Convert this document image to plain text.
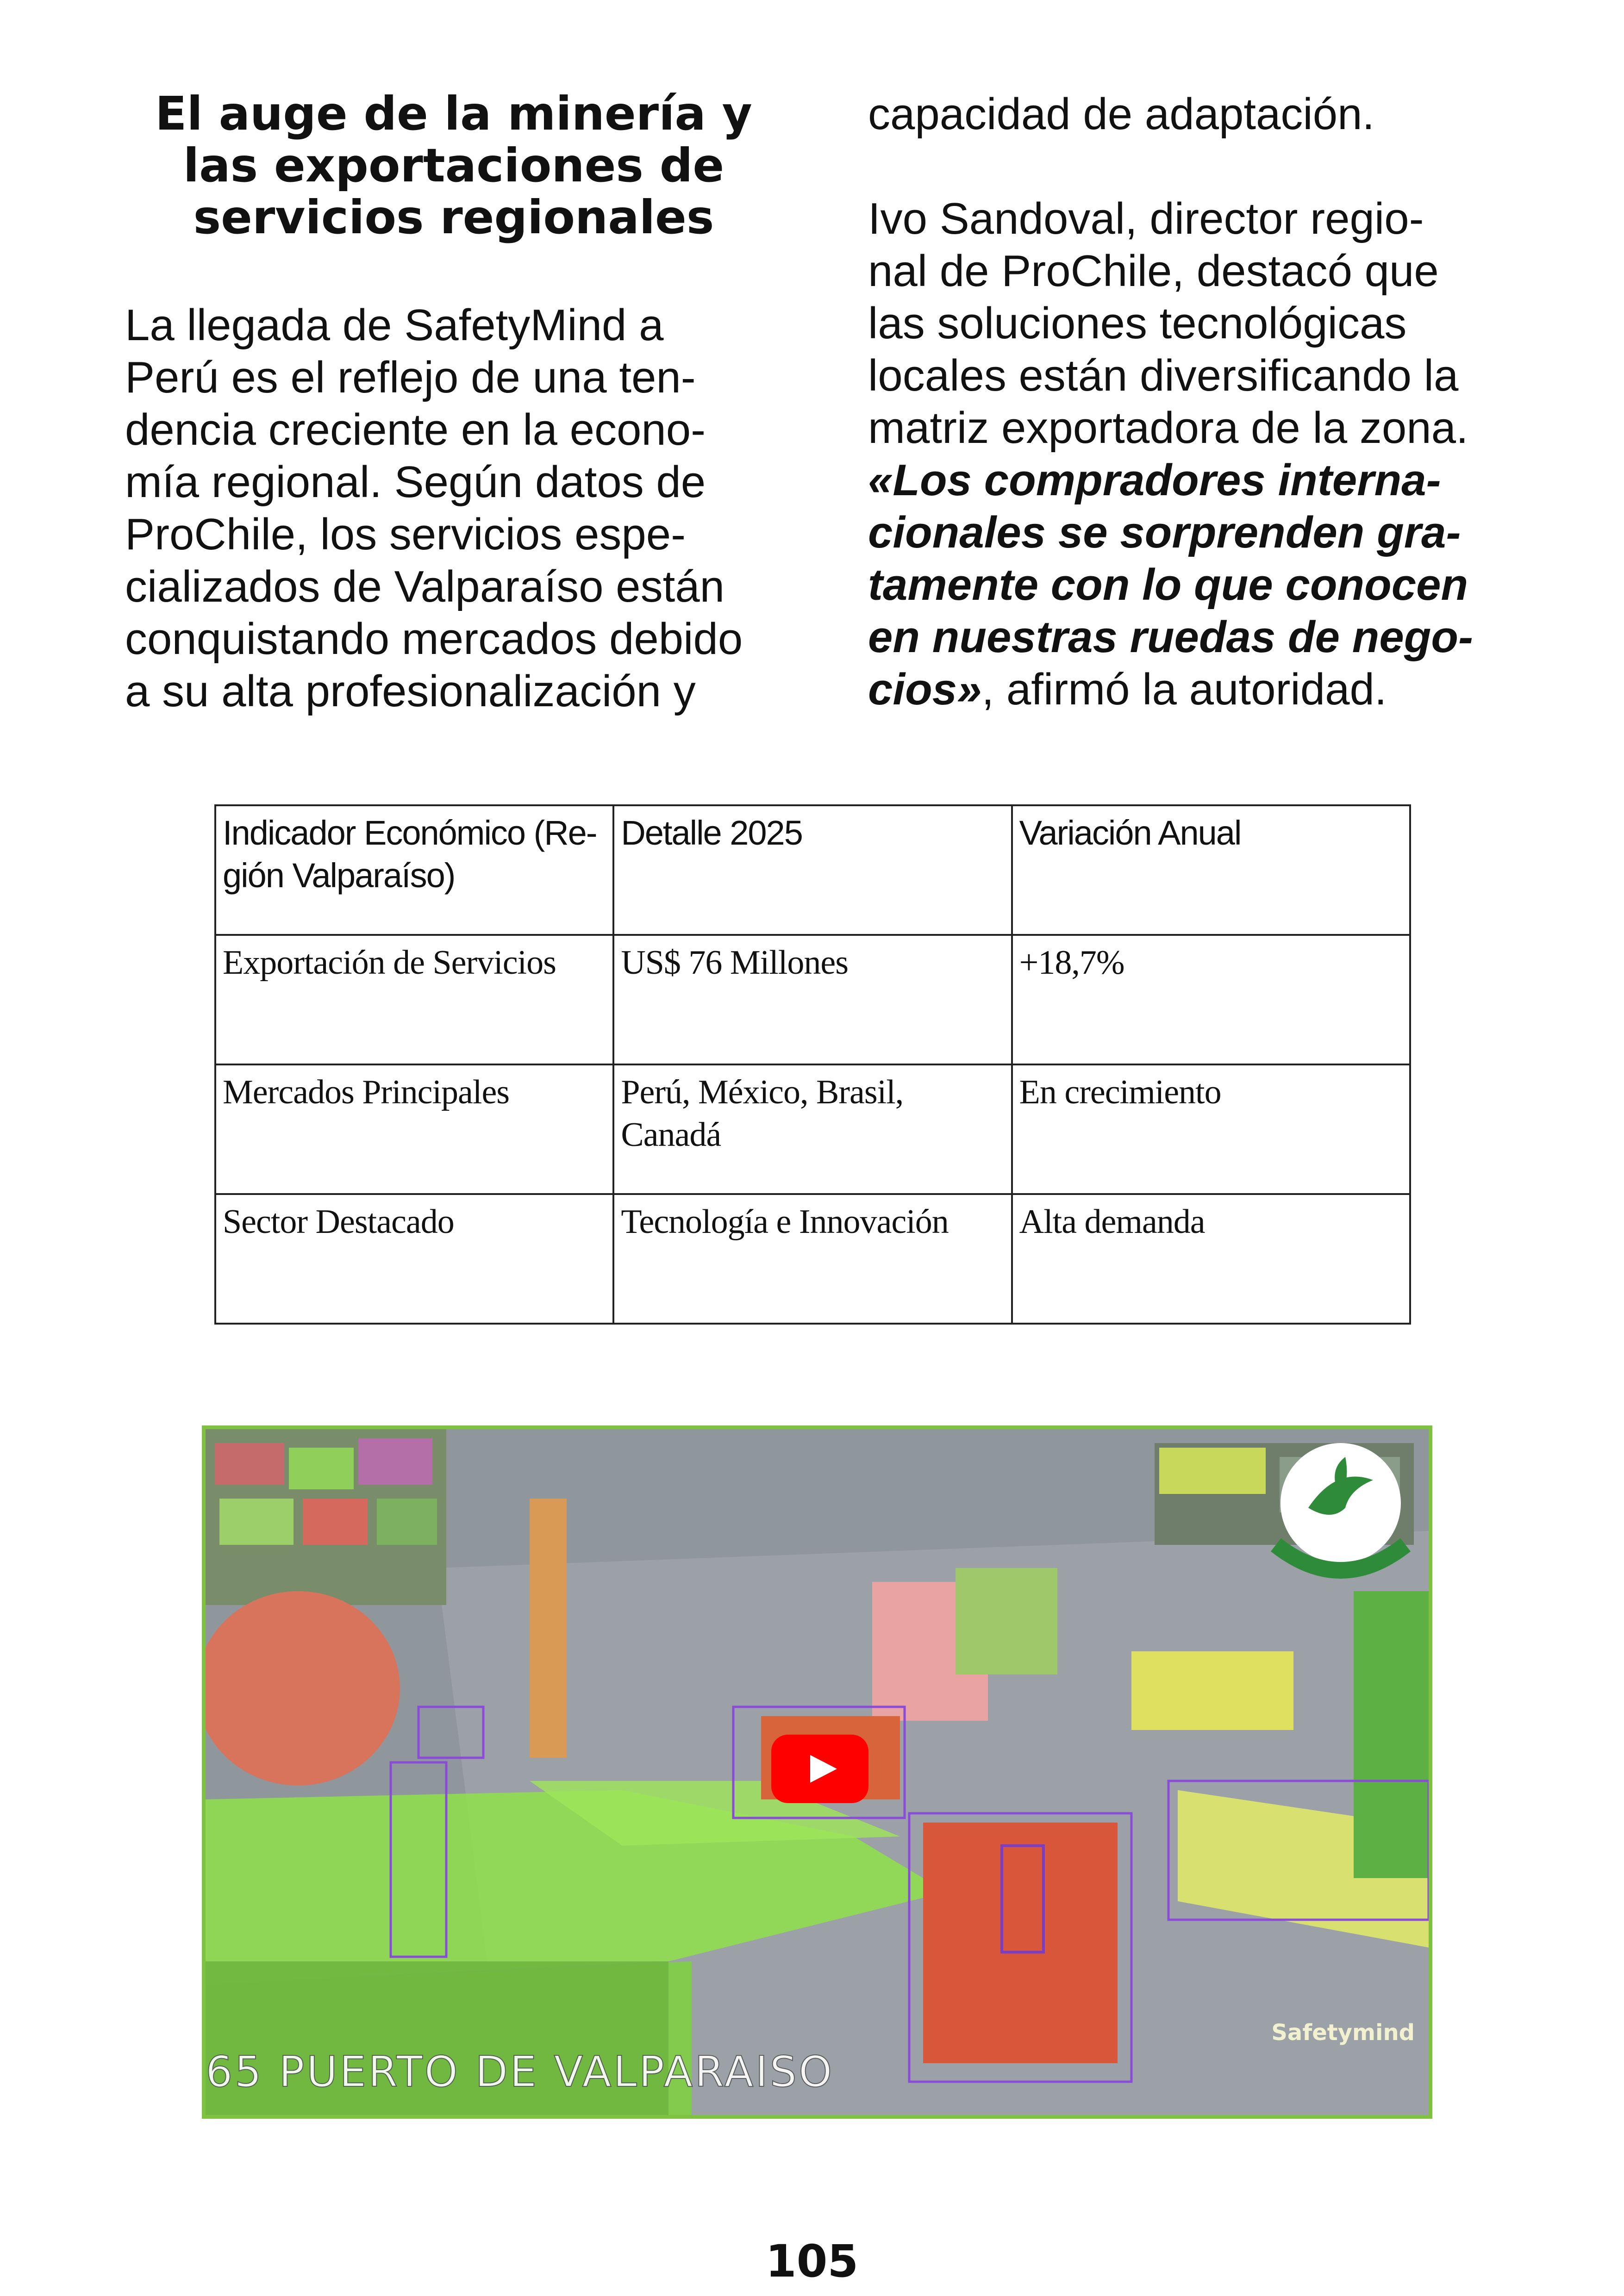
El auge de la minería y
las exportaciones de
servicios regionales

La llegada de SafetyMind a
Perú es el reflejo de una ten-
dencia creciente en la econo-
mía regional. Según datos de
ProChile, los servicios espe-
cializados de Valparaíso están
conquistando mercados debido
a su alta profesionalización y

capacidad de adaptación.
Ivo Sandoval, director regio-
nal de ProChile, destacó que
las soluciones tecnológicas
locales están diversificando la
matriz exportadora de la zona.
«Los compradores interna-
cionales se sorprenden gra-
tamente con lo que conocen
en nuestras ruedas de nego-
cios», afirmó la autoridad.

Indicador Económico (Re-
gión Valparaíso)	Detalle 2025	Variación Anual
Exportación de Servicios	US$ 76 Millones	+18,7%
Mercados Principales	Perú, México, Brasil, Canadá	En crecimiento
Sector Destacado	Tecnología e Innovación	Alta demanda
Safetymind
65 PUERTO DE VALPARAISO
105
